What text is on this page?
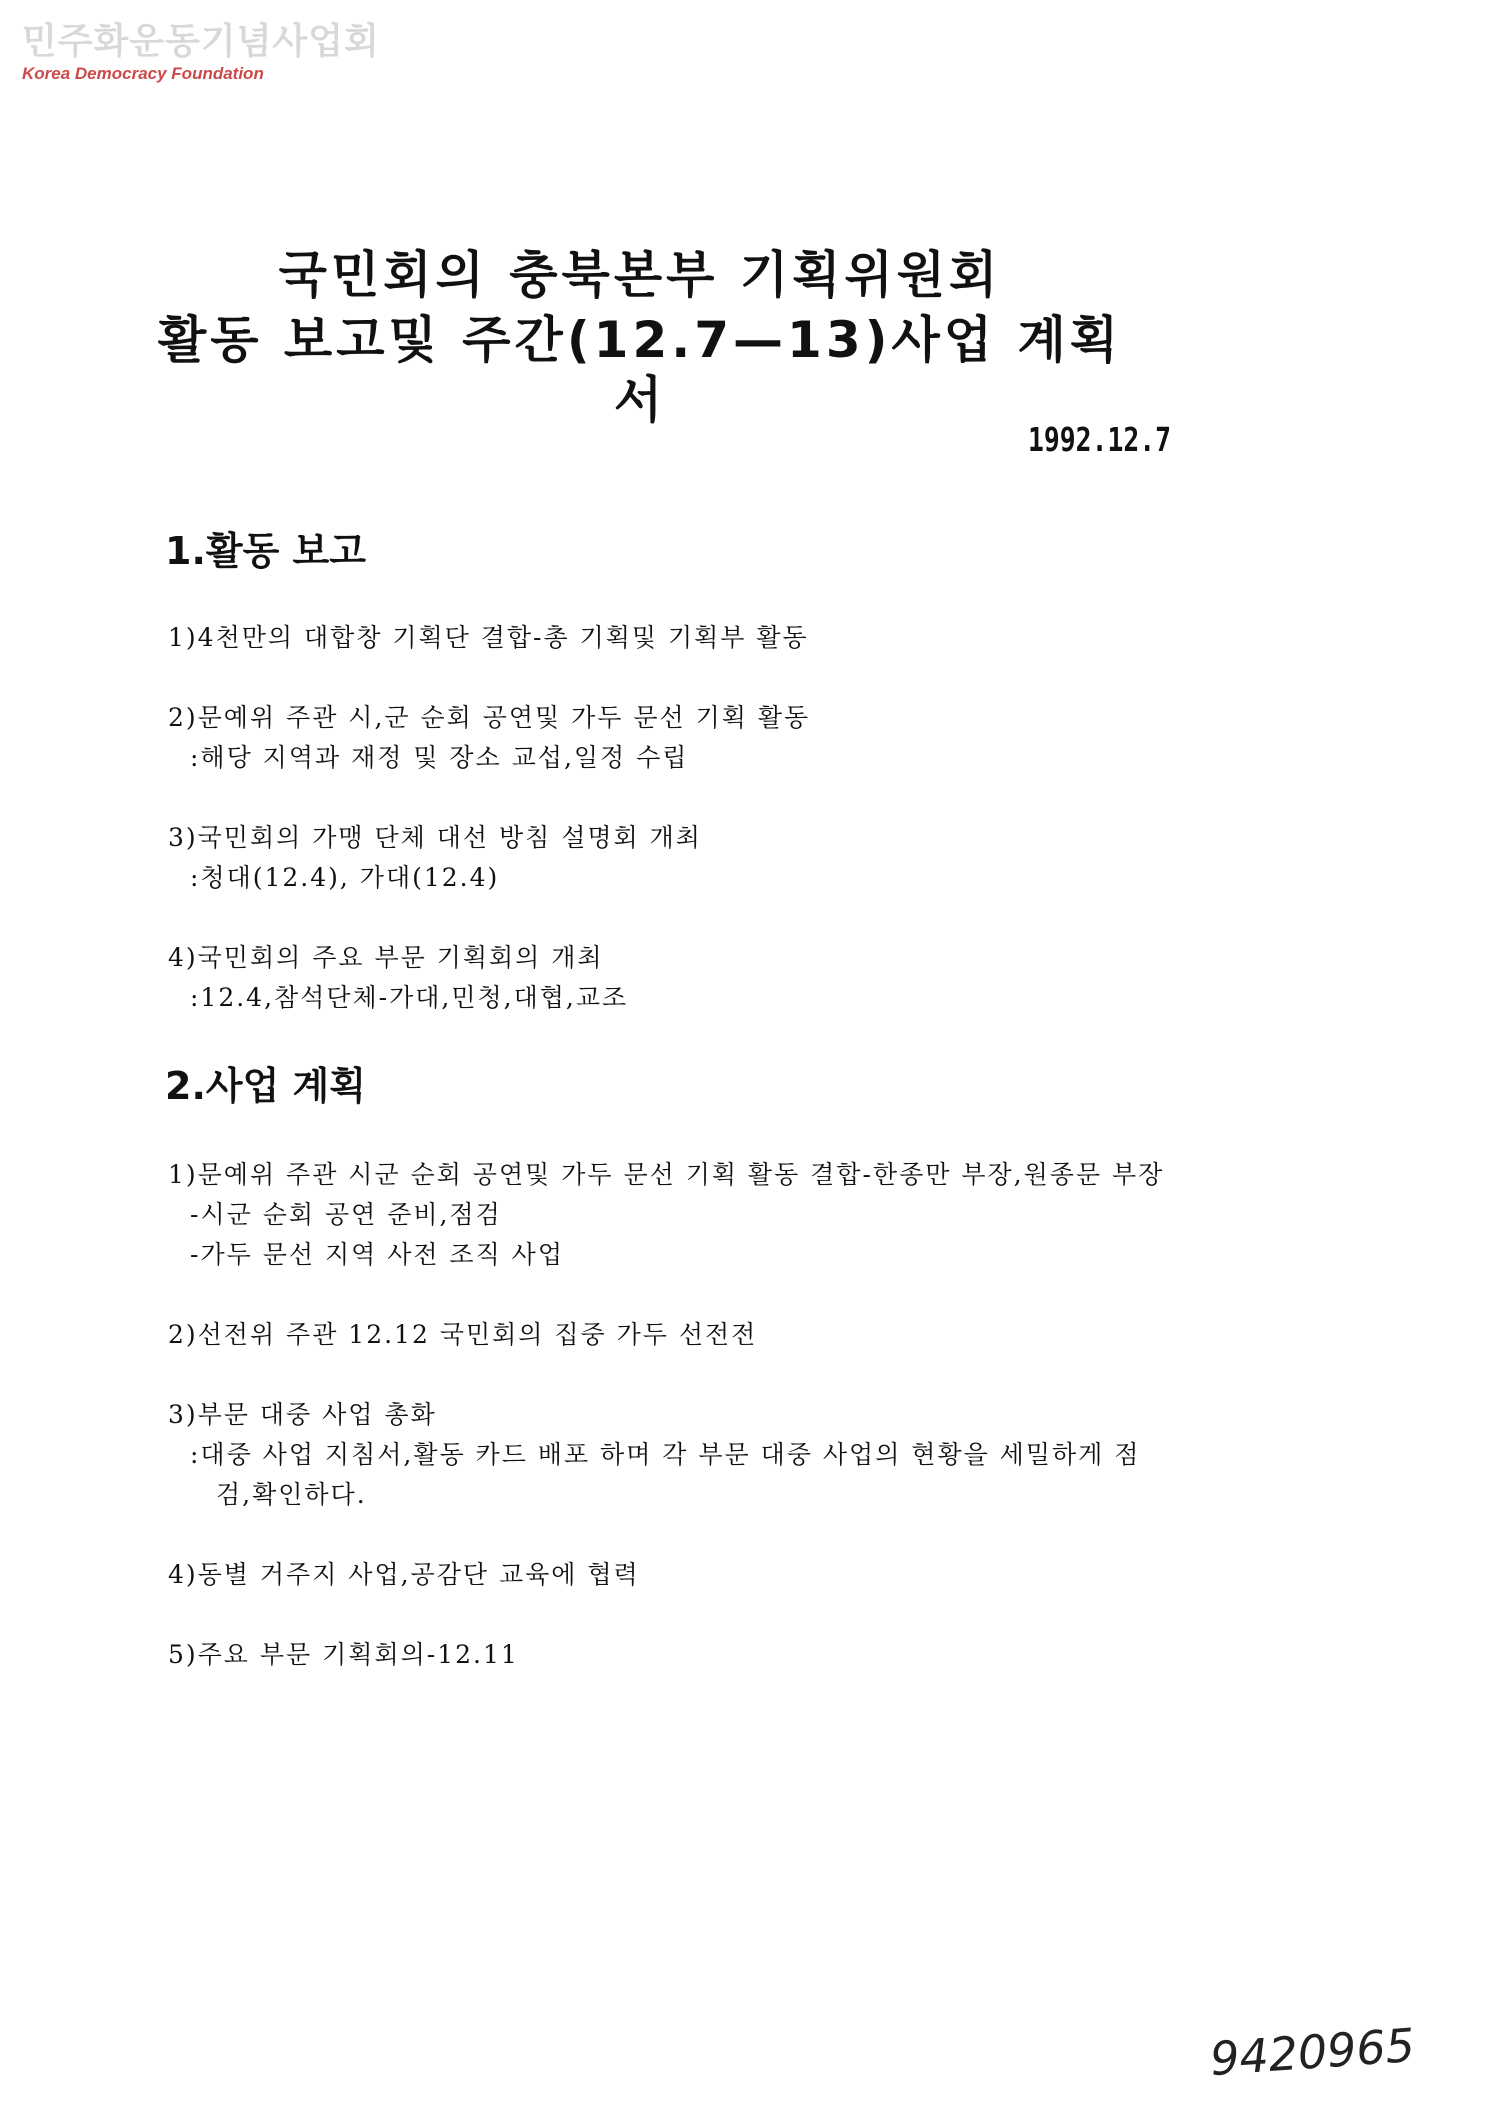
민주화운동기념사업회
Korea Democracy Foundation
국민회의 충북본부 기획위원회
활동 보고및 주간(12.7—13)사업 계획서
1992.12.7
1.활동 보고
1)4천만의 대합창 기획단 결합-총 기획및 기획부 활동
2)문예위 주관 시,군 순회 공연및 가두 문선 기획 활동
:해당 지역과 재정 및 장소 교섭,일정 수립
3)국민회의 가맹 단체 대선 방침 설명회 개최
:청대(12.4), 가대(12.4)
4)국민회의 주요 부문 기획회의 개최
:12.4,참석단체-가대,민청,대협,교조
2.사업 계획
1)문예위 주관 시군 순회 공연및 가두 문선 기획 활동 결합-한종만 부장,원종문 부장
-시군 순회 공연 준비,점검
-가두 문선 지역 사전 조직 사업
2)선전위 주관 12.12 국민회의 집중 가두 선전전
3)부문 대중 사업 총화
:대중 사업 지침서,활동 카드 배포 하며 각 부문 대중 사업의 현황을 세밀하게 점
검,확인하다.
4)동별 거주지 사업,공감단 교육에 협력
5)주요 부문 기획회의-12.11
9420965
